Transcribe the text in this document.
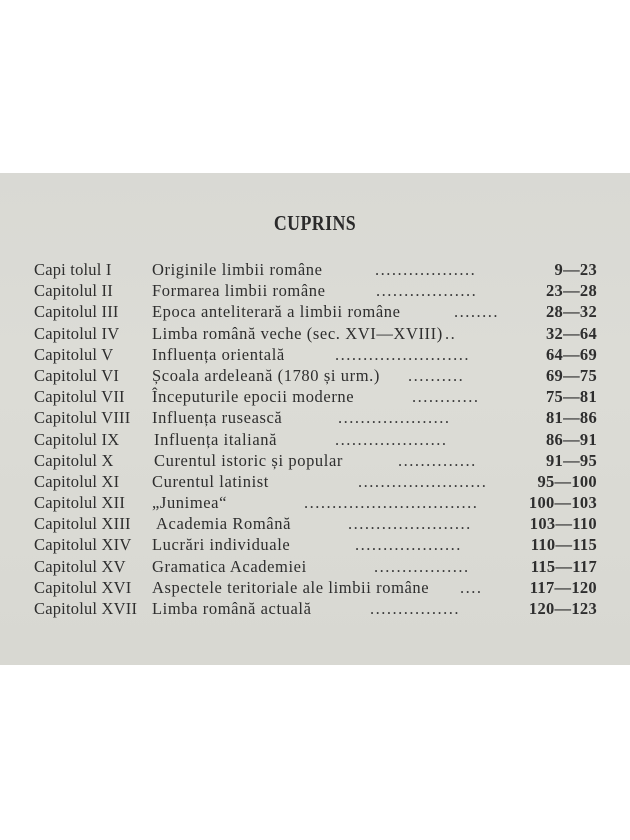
CUPRINS
Capi tolul I Originile limbii române	..................	9—23
Capitolul II Formarea limbii române	..................	23—28
Capitolul III Epoca anteliterară a limbii române	........	28—32
Capitolul IV Limba română veche (sec. XVI—XVIII) ..	32—64
Capitolul V Influența orientală	........................	64—69
Capitolul VI Școala ardeleană (1780 și urm.) ..........	69—75
Capitolul VII Începuturile epocii moderne	............	75—81
Capitolul VIII Influența rusească	....................	81—86
Capitolul IX Influența italiană	....................	86—91
Capitolul X Curentul istoric și popular	..............	91—95
Capitolul XI Curentul latinist	.......................	95—100
Capitolul XII „Junimea“	...............................	100—103
Capitolul XIII Academia Română	......................	103—110
Capitolul XIV Lucrări individuale	...................	110—115
Capitolul XV Gramatica Academiei	.................	115—117
Capitolul XVI Aspectele teritoriale ale limbii române ....	117—120
Capitolul XVII Limba română actuală	................	120—123
